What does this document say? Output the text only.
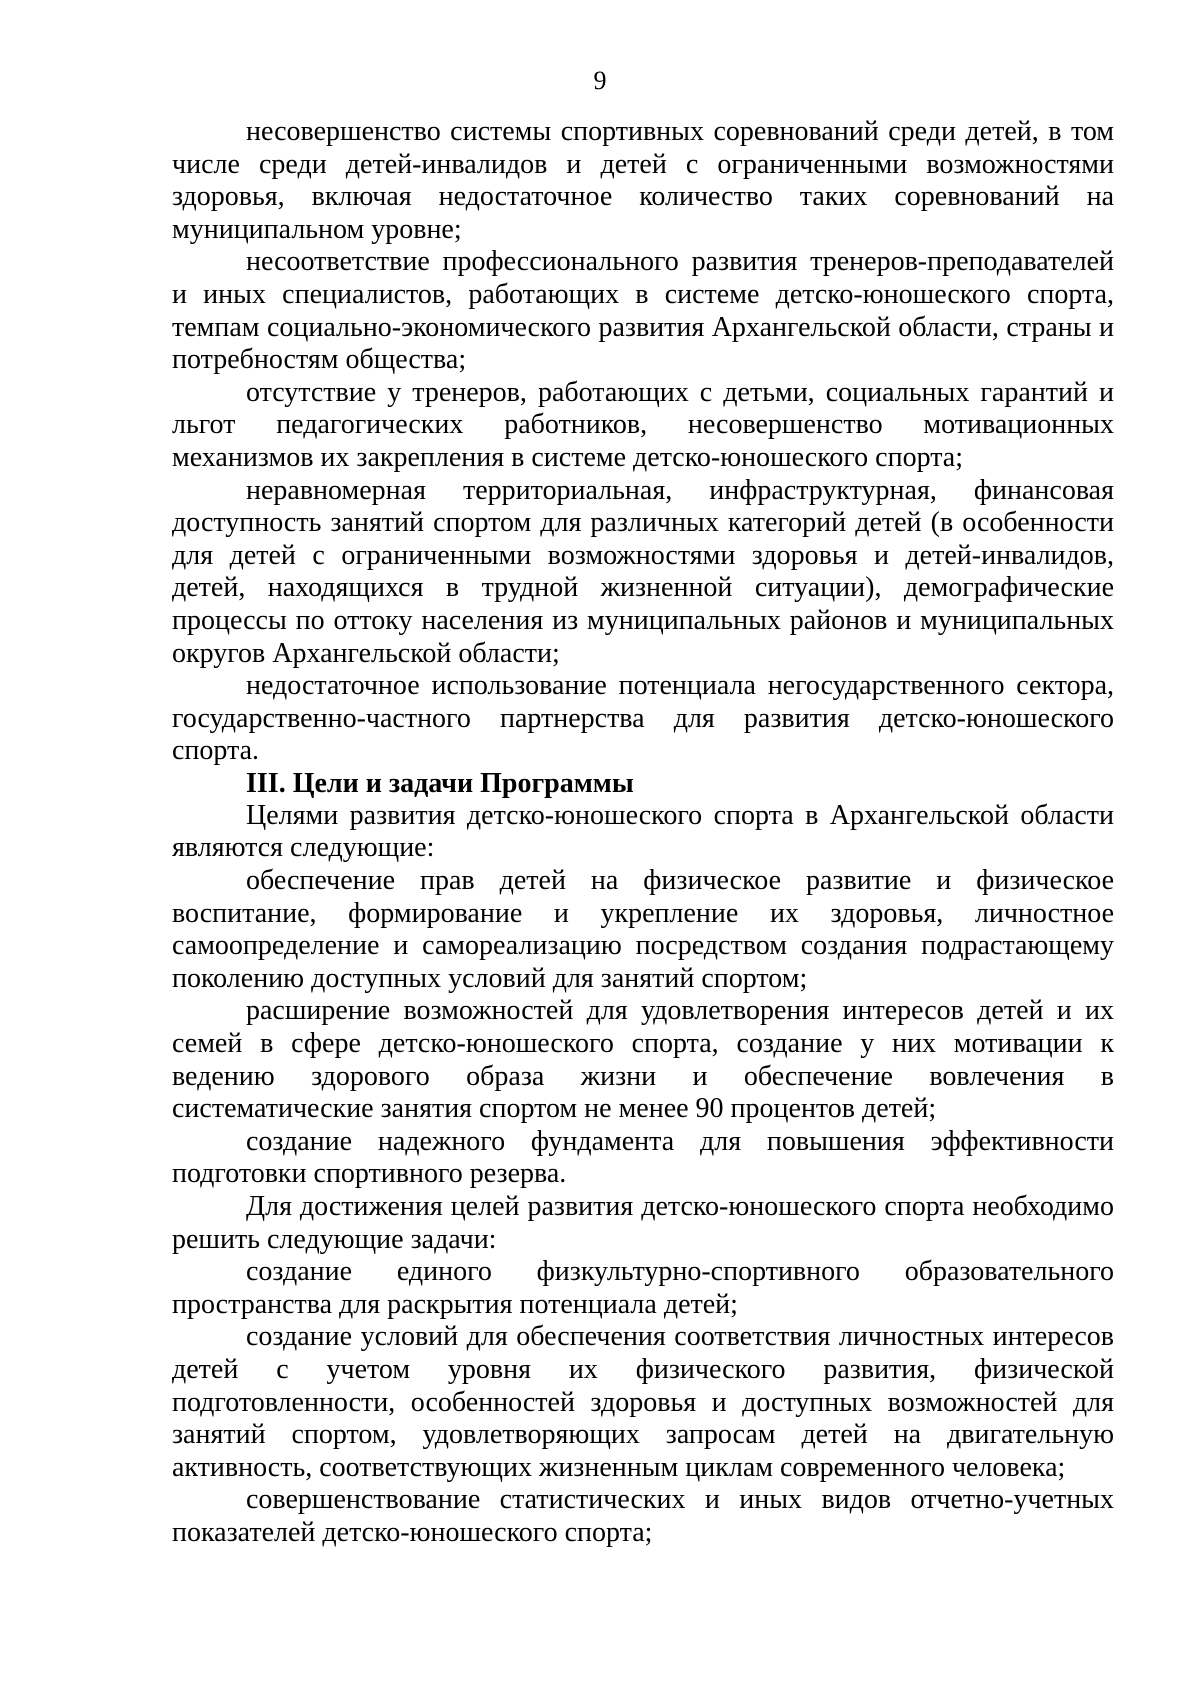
9

несовершенство системы спортивных соревнований среди детей, в том числе среди детей-инвалидов и детей с ограниченными возможностями здоровья, включая недостаточное количество таких соревнований на муниципальном уровне;

несоответствие профессионального развития тренеров-преподавателей и иных специалистов, работающих в системе детско-юношеского спорта, темпам социально-экономического развития Архангельской области, страны и потребностям общества;

отсутствие у тренеров, работающих с детьми, социальных гарантий и льгот педагогических работников, несовершенство мотивационных механизмов их закрепления в системе детско-юношеского спорта;

неравномерная территориальная, инфраструктурная, финансовая доступность занятий спортом для различных категорий детей (в особенности для детей с ограниченными возможностями здоровья и детей-инвалидов, детей, находящихся в трудной жизненной ситуации), демографические процессы по оттоку населения из муниципальных районов и муниципальных округов Архангельской области;

недостаточное использование потенциала негосударственного сектора, государственно-частного партнерства для развития детско-юношеского спорта.

III. Цели и задачи Программы

Целями развития детско-юношеского спорта в Архангельской области являются следующие:

обеспечение прав детей на физическое развитие и физическое воспитание, формирование и укрепление их здоровья, личностное самоопределение и самореализацию посредством создания подрастающему поколению доступных условий для занятий спортом;

расширение возможностей для удовлетворения интересов детей и их семей в сфере детско-юношеского спорта, создание у них мотивации к ведению здорового образа жизни и обеспечение вовлечения в систематические занятия спортом не менее 90 процентов детей;

создание надежного фундамента для повышения эффективности подготовки спортивного резерва.

Для достижения целей развития детско-юношеского спорта необходимо решить следующие задачи:

создание единого физкультурно-спортивного образовательного пространства для раскрытия потенциала детей;

создание условий для обеспечения соответствия личностных интересов детей с учетом уровня их физического развития, физической подготовленности, особенностей здоровья и доступных возможностей для занятий спортом, удовлетворяющих запросам детей на двигательную активность, соответствующих жизненным циклам современного человека;

совершенствование статистических и иных видов отчетно-учетных показателей детско-юношеского спорта;
